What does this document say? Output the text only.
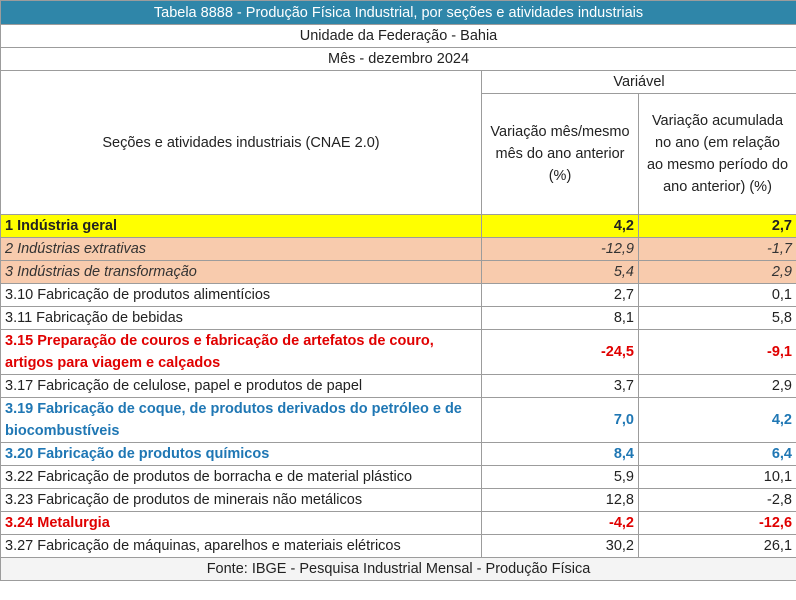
Tabela 8888 - Produção Física Industrial, por seções e atividades industriais		
Unidade da Federação - Bahia		
Mês - dezembro 2024		
Seções e atividades industriais (CNAE 2.0)	Variável	
	Variação mês/mesmo mês do ano anterior (%)	Variação acumulada no ano (em relação ao mesmo período do ano anterior) (%)
1 Indústria geral	4,2	2,7
2 Indústrias extrativas	-12,9	-1,7
3 Indústrias de transformação	5,4	2,9
3.10 Fabricação de produtos alimentícios	2,7	0,1
3.11 Fabricação de bebidas	8,1	5,8
3.15 Preparação de couros e fabricação de artefatos de couro, artigos para viagem e calçados	-24,5	-9,1
3.17 Fabricação de celulose, papel e produtos de papel	3,7	2,9
3.19 Fabricação de coque, de produtos derivados do petróleo e de biocombustíveis	7,0	4,2
3.20 Fabricação de produtos químicos	8,4	6,4
3.22 Fabricação de produtos de borracha e de material plástico	5,9	10,1
3.23 Fabricação de produtos de minerais não metálicos	12,8	-2,8
3.24 Metalurgia	-4,2	-12,6
3.27 Fabricação de máquinas, aparelhos e materiais elétricos	30,2	26,1
Fonte: IBGE - Pesquisa Industrial Mensal - Produção Física		
